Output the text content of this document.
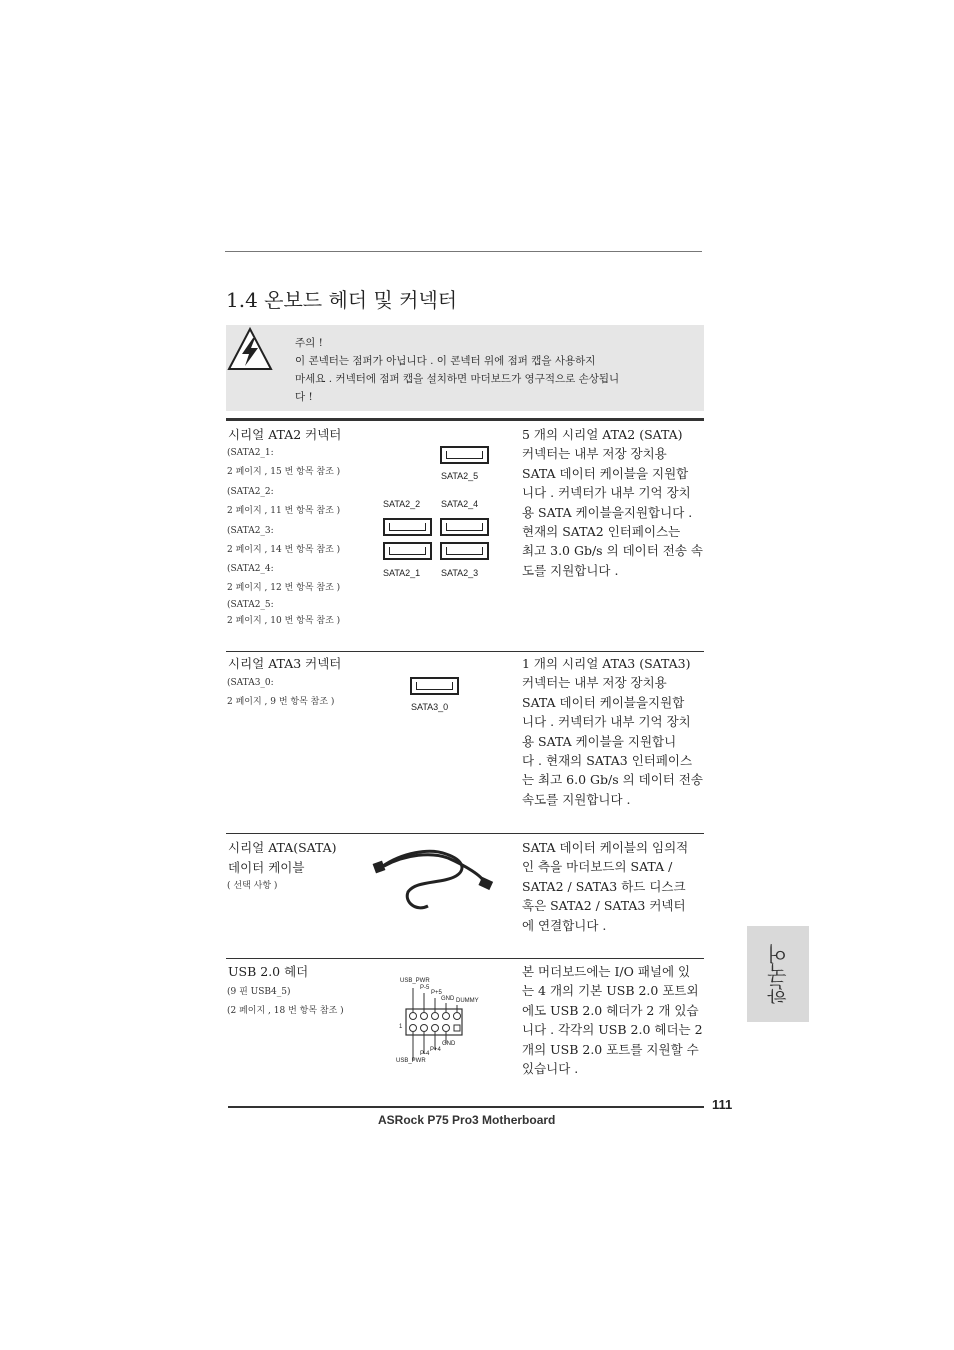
1.4 온보드 헤더 및 커넥터
주의 !
이 콘넥터는 점퍼가 아닙니다 . 이 콘넥터 위에 점퍼 캡을 사용하지
마세요 . 커넥터에 점퍼 캡을 설치하면 마더보드가 영구적으로 손상됩니
다 !
시리얼 ATA2 커넥터
(SATA2_1:
2 페이지 , 15 번 항목 참조 )
(SATA2_2:
2 페이지 , 11 번 항목 참조 )
(SATA2_3:
2 페이지 , 14 번 항목 참조 )
(SATA2_4:
2 페이지 , 12 번 항목 참조 )
(SATA2_5:
2 페이지 , 10 번 항목 참조 )
SATA2_5
SATA2_2 SATA2_4
SATA2_1 SATA2_3
5 개의 시리얼 ATA2 (SATA)
커넥터는 내부 저장 장치용
SATA 데이터 케이블을 지원합
니다 . 커넥터가 내부 기억 장치
용 SATA 케이블을지원합니다 .
현재의 SATA2 인터페이스는
최고 3.0 Gb/s 의 데이터 전송 속
도를 지원합니다 .
시리얼 ATA3 커넥터
(SATA3_0:
2 페이지 , 9 번 항목 참조 )	SATA3_0
1 개의 시리얼 ATA3 (SATA3)
커넥터는 내부 저장 장치용
SATA 데이터 케이블을지원합
니다 . 커넥터가 내부 기억 장치
용 SATA 케이블을 지원합니
다 . 현재의 SATA3 인터페이스
는 최고 6.0 Gb/s 의 데이터 전송
속도를 지원합니다 .
시리얼 ATA(SATA)
데이터 케이블
( 선택 사항 )
SATA 데이터 케이블의 임의적
인 측을 마더보드의 SATA /
SATA2 / SATA3 하드 디스크
혹은 SATA2 / SATA3 커넥터
에 연결합니다 .
USB 2.0 헤더
(9 핀 USB4_5)
(2 페이지 , 18 번 항목 참조 )
USB_PWR
P-5
P+5
GND DUMMY
1
GND
P+4
P-4
USB_PWR
본 머더보드에는 I/O 패널에 있
는 4 개의 기본 USB 2.0 포트외
에도 USB 2.0 헤더가 2 개 있습
니다 . 각각의 USB 2.0 헤더는 2
개의 USB 2.0 포트를 지원할 수
있습니다 .
한국어
111
ASRock P75 Pro3 Motherboard
